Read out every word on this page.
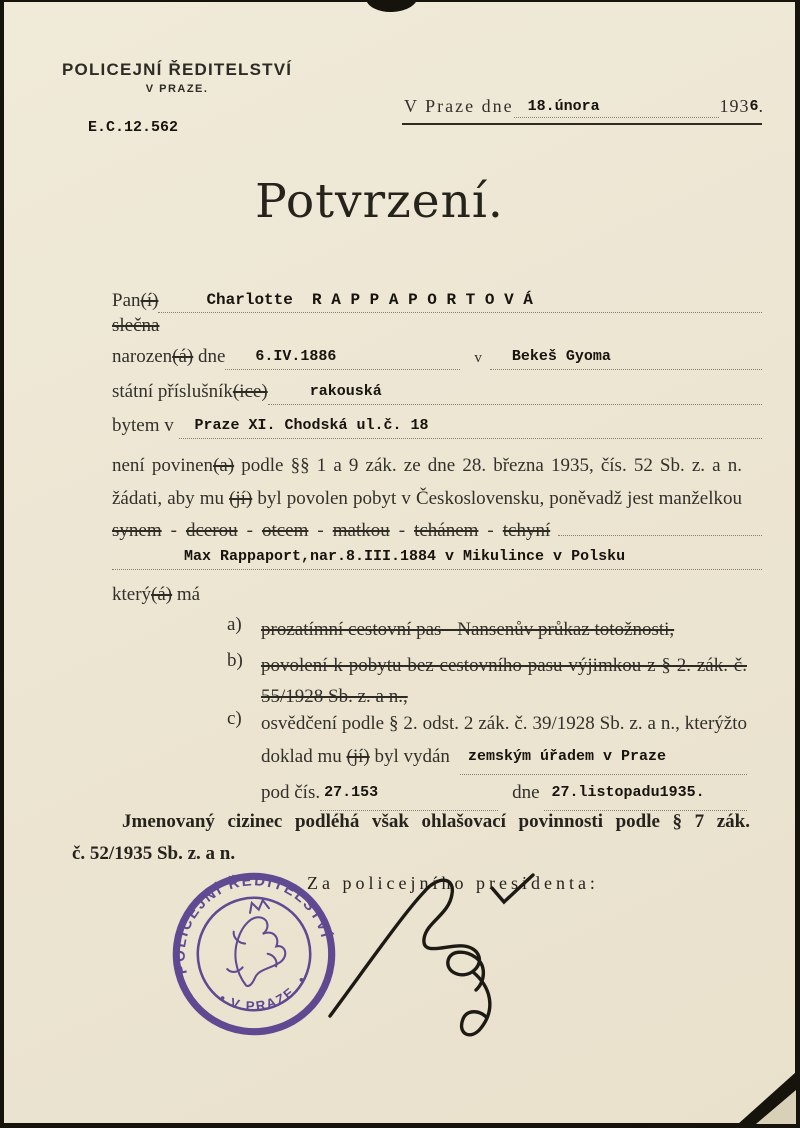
POLICEJNÍ ŘEDITELSTVÍ
V PRAZE.
E.C.12.562
V Praze dne 18.února	193 6 .
Potvrzení.
Pan (í)	Charlotte  R A P P A P O R T O V Á
slečna
narozen (á) dne	6.IV.1886	v	Bekeš Gyoma
státní příslušník (ice)	rakouská
bytem v	Praze XI. Chodská ul.č. 18
není povinen(a) podle §§ 1 a 9 zák. ze dne 28. března 1935, čís. 52 Sb. z. a n.
žádati, aby mu (jí) byl povolen pobyt v Československu, poněvadž jest manželkou
synem - dcerou - otcem - matkou - tchánem - tchyní
Max Rappaport,nar.8.III.1884 v Mikulince v Polsku
který (á) má
a)	prozatímní cestovní pas - Nansenův průkaz totožnosti,
b) povolení k pobytu bez cestovního pasu výjimkou z § 2. zák. č.
55/1928 Sb. z. a n.,
c)	osvědčení podle § 2. odst. 2 zák. č. 39/1928 Sb. z. a n., kterýžto
doklad mu (jí) byl vydán	zemským úřadem v Praze
pod čís. 27.153	dne 27.listopadu1935.
Jmenovaný cizinec podléhá však ohlašovací povinnosti podle § 7 zák.
č. 52/1935 Sb. z. a n.
Za policejního presidenta:
POLICEJNÍ ŘEDITELSTVÍ
• V PRAZE. •
